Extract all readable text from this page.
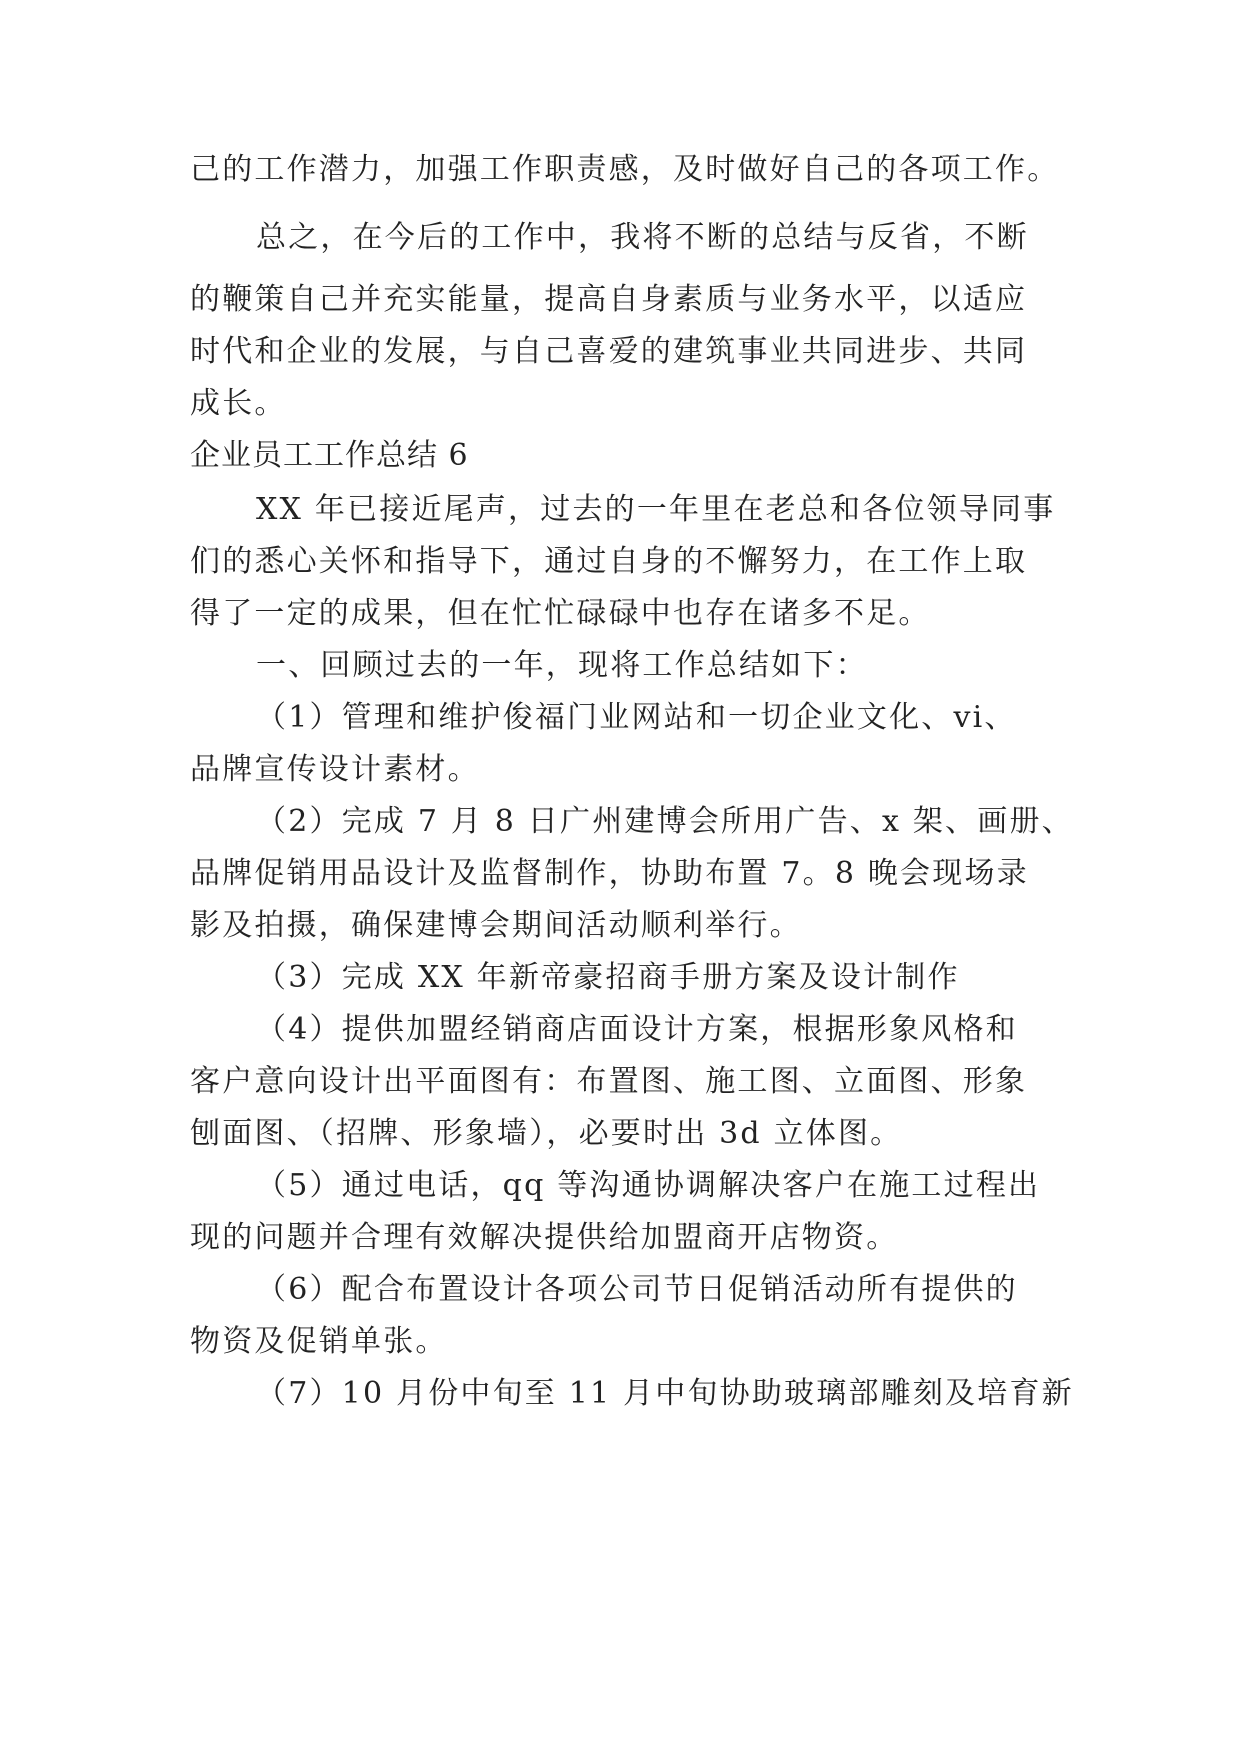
己的工作潜力，加强工作职责感，及时做好自己的各项工作。
总之，在今后的工作中，我将不断的总结与反省，不断
的鞭策自己并充实能量，提高自身素质与业务水平，以适应
时代和企业的发展，与自己喜爱的建筑事业共同进步、共同
成长。
企业员工工作总结 6
XX 年已接近尾声，过去的一年里在老总和各位领导同事
们的悉心关怀和指导下，通过自身的不懈努力，在工作上取
得了一定的成果，但在忙忙碌碌中也存在诸多不足。
一、回顾过去的一年，现将工作总结如下：
（1）管理和维护俊福门业网站和一切企业文化、vi、
品牌宣传设计素材。
（2）完成 7 月 8 日广州建博会所用广告、x 架、画册、
品牌促销用品设计及监督制作，协助布置 7。8 晚会现场录
影及拍摄，确保建博会期间活动顺利举行。
（3）完成 XX 年新帝豪招商手册方案及设计制作
（4）提供加盟经销商店面设计方案，根据形象风格和
客户意向设计出平面图有：布置图、施工图、立面图、形象
刨面图、（招牌、形象墙），必要时出 3d 立体图。
（5）通过电话，qq 等沟通协调解决客户在施工过程出
现的问题并合理有效解决提供给加盟商开店物资。
（6）配合布置设计各项公司节日促销活动所有提供的
物资及促销单张。
（7）10 月份中旬至 11 月中旬协助玻璃部雕刻及培育新
